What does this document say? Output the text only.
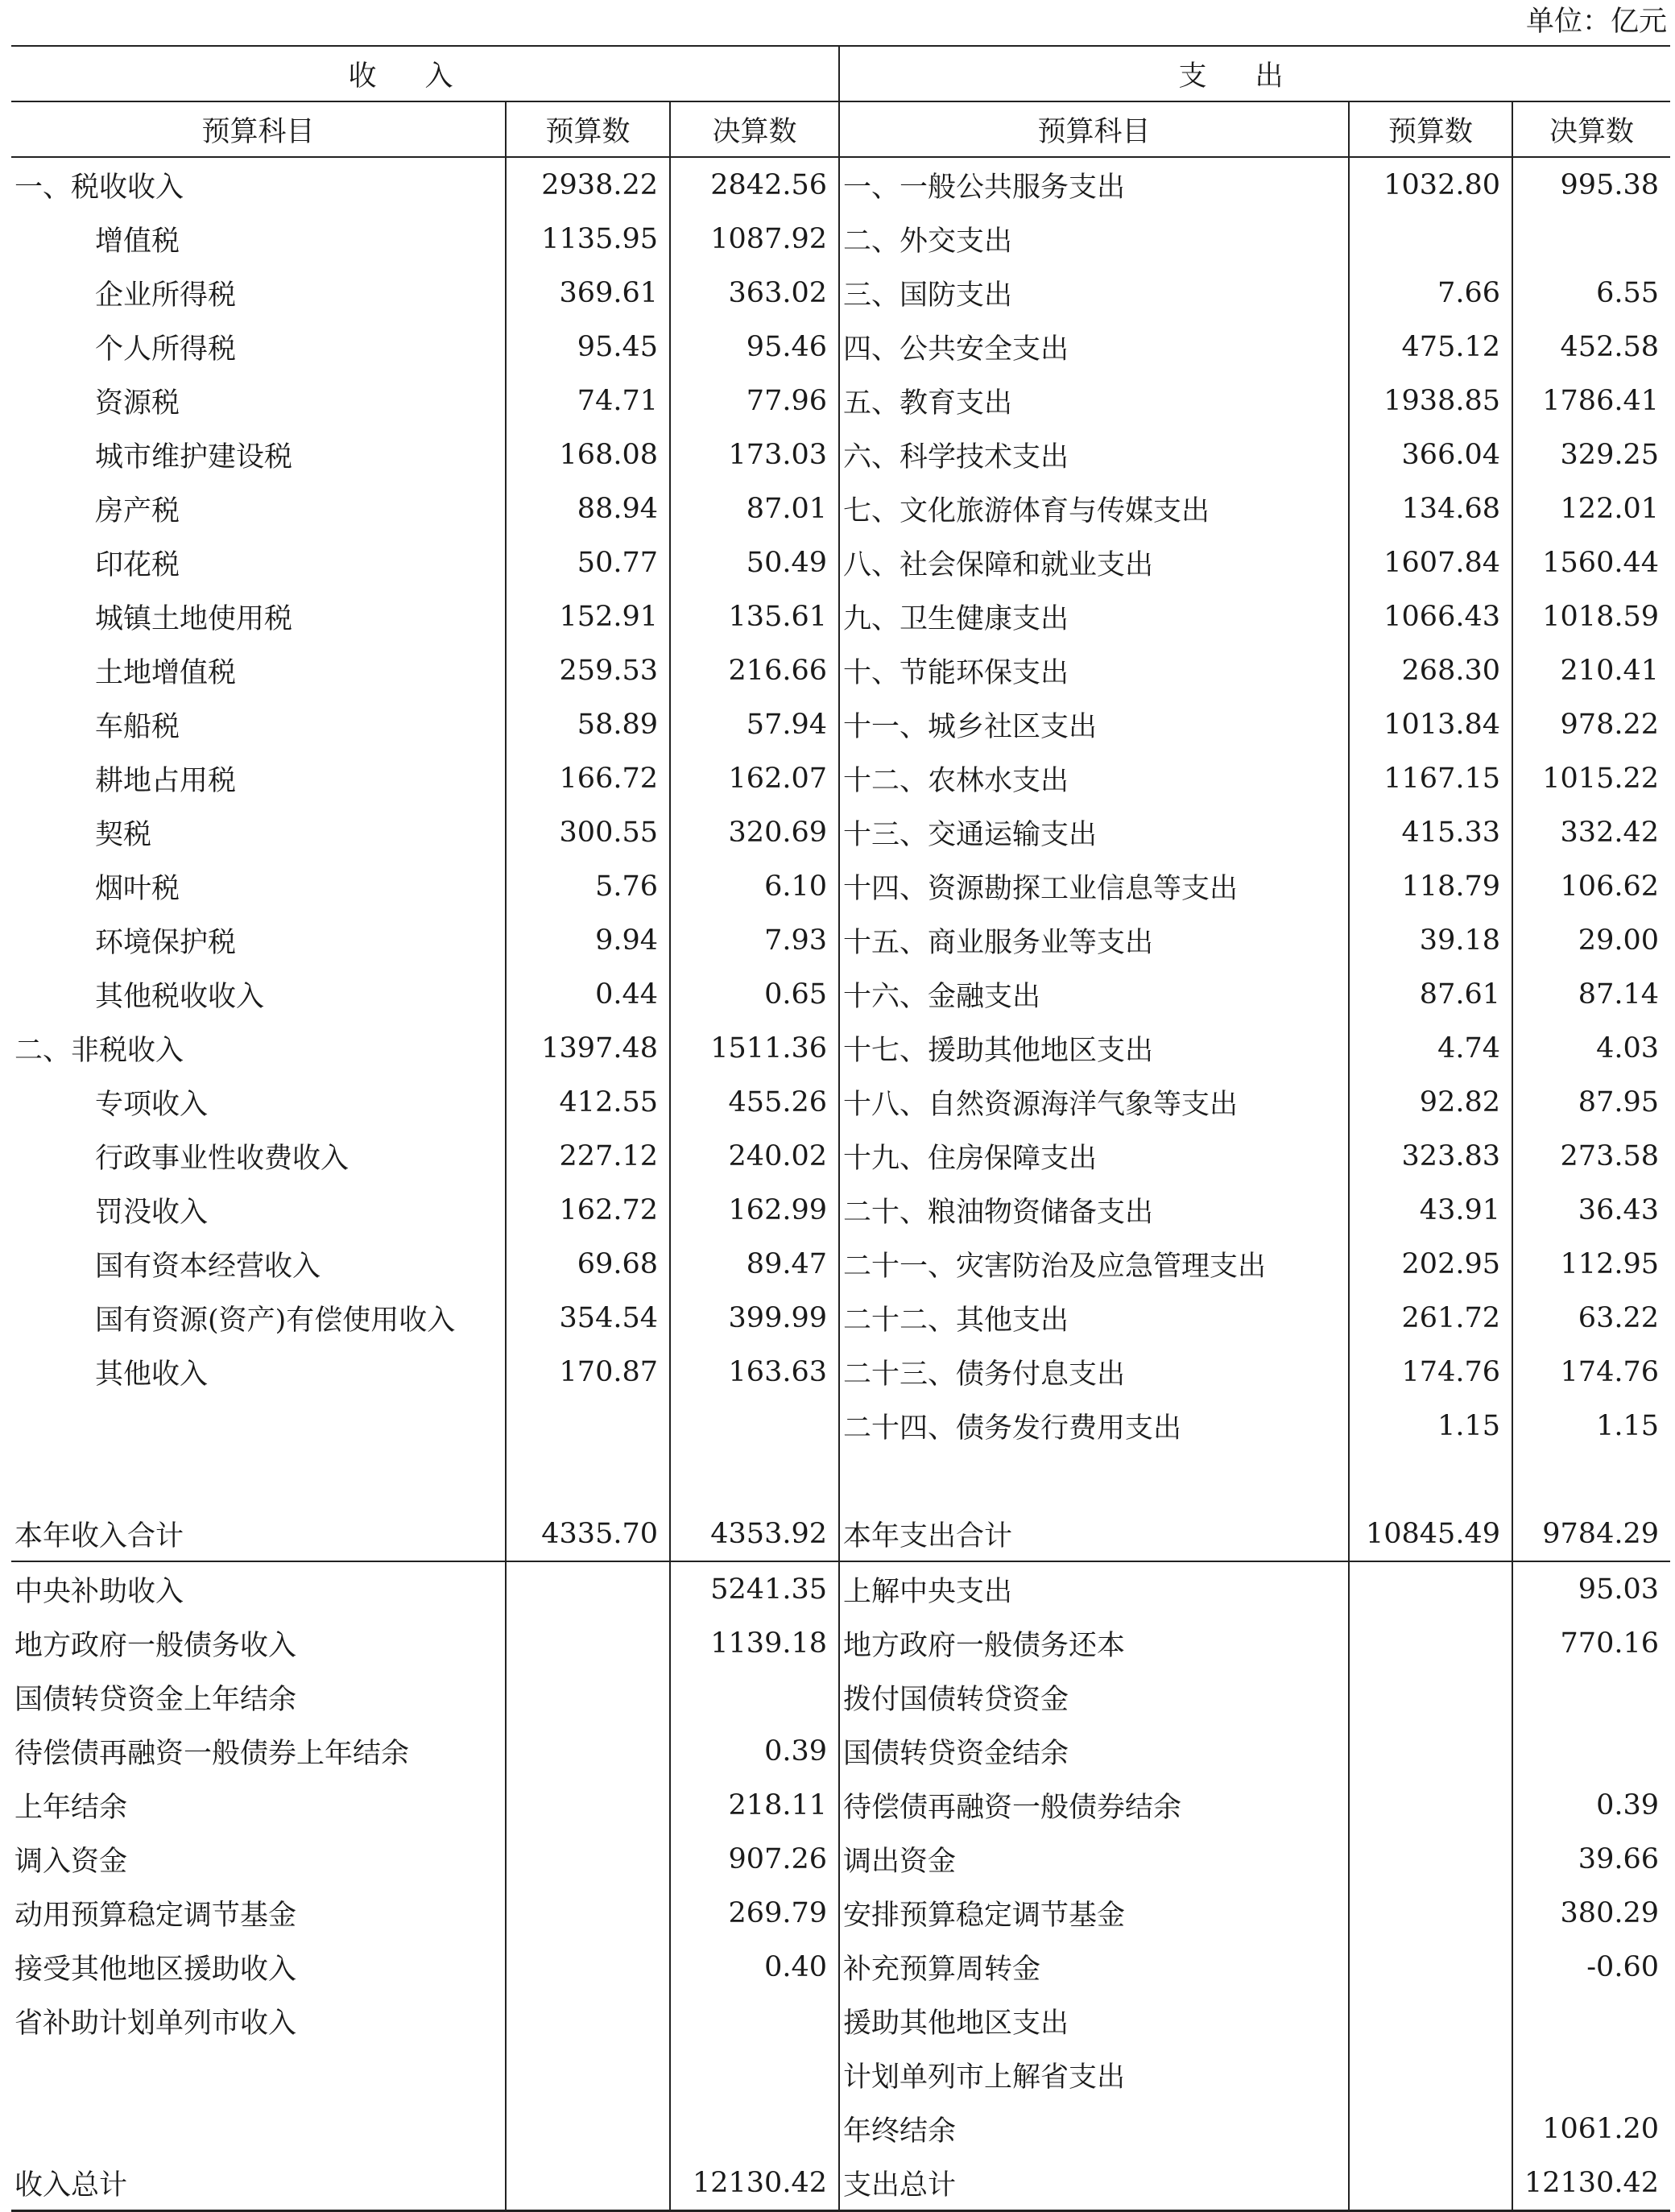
单位：亿元
收入			支出		
预算科目	预算数	决算数	预算科目	预算数	决算数
一、税收收入	2938.22	2842.56	一、一般公共服务支出	1032.80	995.38
增值税	1135.95	1087.92	二、外交支出		
企业所得税	369.61	363.02	三、国防支出	7.66	6.55
个人所得税	95.45	95.46	四、公共安全支出	475.12	452.58
资源税	74.71	77.96	五、教育支出	1938.85	1786.41
城市维护建设税	168.08	173.03	六、科学技术支出	366.04	329.25
房产税	88.94	87.01	七、文化旅游体育与传媒支出	134.68	122.01
印花税	50.77	50.49	八、社会保障和就业支出	1607.84	1560.44
城镇土地使用税	152.91	135.61	九、卫生健康支出	1066.43	1018.59
土地增值税	259.53	216.66	十、节能环保支出	268.30	210.41
车船税	58.89	57.94	十一、城乡社区支出	1013.84	978.22
耕地占用税	166.72	162.07	十二、农林水支出	1167.15	1015.22
契税	300.55	320.69	十三、交通运输支出	415.33	332.42
烟叶税	5.76	6.10	十四、资源勘探工业信息等支出	118.79	106.62
环境保护税	9.94	7.93	十五、商业服务业等支出	39.18	29.00
其他税收收入	0.44	0.65	十六、金融支出	87.61	87.14
二、非税收入	1397.48	1511.36	十七、援助其他地区支出	4.74	4.03
专项收入	412.55	455.26	十八、自然资源海洋气象等支出	92.82	87.95
行政事业性收费收入	227.12	240.02	十九、住房保障支出	323.83	273.58
罚没收入	162.72	162.99	二十、粮油物资储备支出	43.91	36.43
国有资本经营收入	69.68	89.47	二十一、灾害防治及应急管理支出	202.95	112.95
国有资源(资产)有偿使用收入	354.54	399.99	二十二、其他支出	261.72	63.22
其他收入	170.87	163.63	二十三、债务付息支出	174.76	174.76
			二十四、债务发行费用支出	1.15	1.15

本年收入合计	4335.70	4353.92	本年支出合计	10845.49	9784.29
中央补助收入		5241.35	上解中央支出		95.03
地方政府一般债务收入		1139.18	地方政府一般债务还本		770.16
国债转贷资金上年结余			拨付国债转贷资金		
待偿债再融资一般债券上年结余		0.39	国债转贷资金结余		
上年结余		218.11	待偿债再融资一般债券结余		0.39
调入资金		907.26	调出资金		39.66
动用预算稳定调节基金		269.79	安排预算稳定调节基金		380.29
接受其他地区援助收入		0.40	补充预算周转金		-0.60
省补助计划单列市收入			援助其他地区支出		
			计划单列市上解省支出		
			年终结余		1061.20
收入总计		12130.42	支出总计		12130.42
